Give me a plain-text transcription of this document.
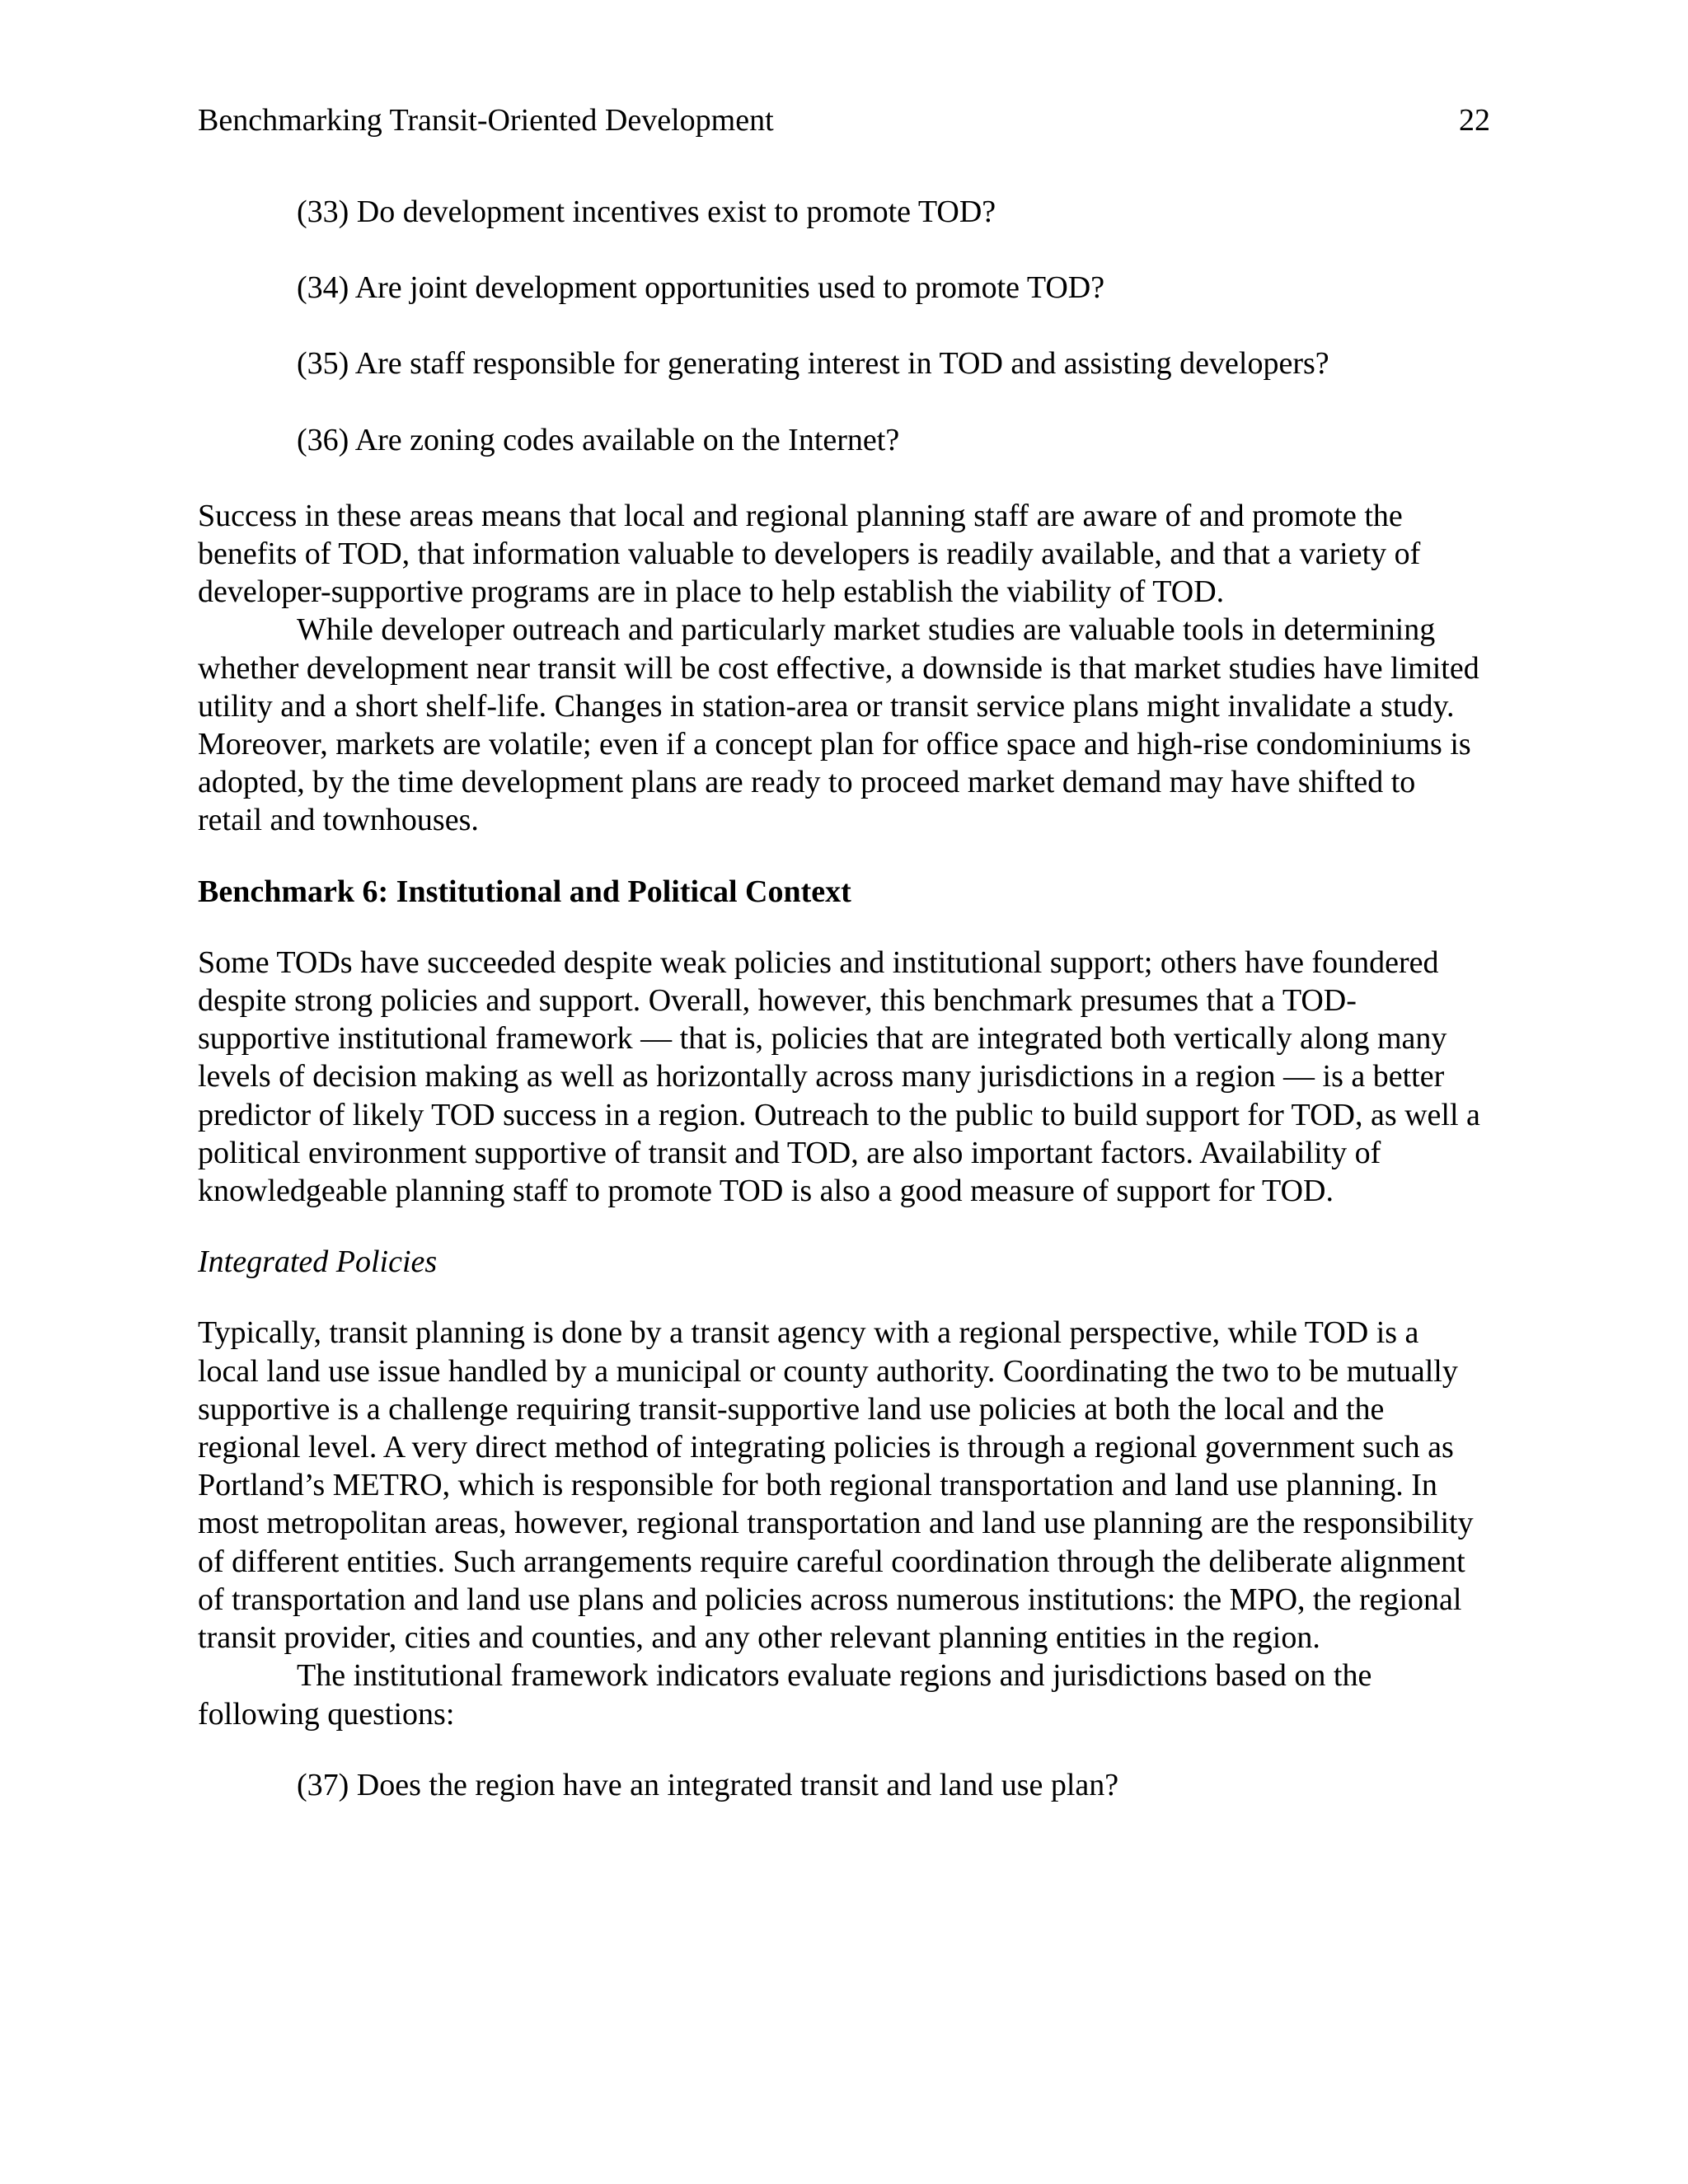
Benchmarking Transit-Oriented Development	22

(33) Do development incentives exist to promote TOD?

(34) Are joint development opportunities used to promote TOD?

(35) Are staff responsible for generating interest in TOD and assisting developers?

(36) Are zoning codes available on the Internet?

Success in these areas means that local and regional planning staff are aware of and promote the benefits of TOD, that information valuable to developers is readily available, and that a variety of developer-supportive programs are in place to help establish the viability of TOD.

While developer outreach and particularly market studies are valuable tools in determining whether development near transit will be cost effective, a downside is that market studies have limited utility and a short shelf-life. Changes in station-area or transit service plans might invalidate a study. Moreover, markets are volatile; even if a concept plan for office space and high-rise condominiums is adopted, by the time development plans are ready to proceed market demand may have shifted to retail and townhouses.

Benchmark 6: Institutional and Political Context

Some TODs have succeeded despite weak policies and institutional support; others have foundered despite strong policies and support. Overall, however, this benchmark presumes that a TOD-supportive institutional framework — that is, policies that are integrated both vertically along many levels of decision making as well as horizontally across many jurisdictions in a region — is a better predictor of likely TOD success in a region. Outreach to the public to build support for TOD, as well a political environment supportive of transit and TOD, are also important factors. Availability of knowledgeable planning staff to promote TOD is also a good measure of support for TOD.

Integrated Policies

Typically, transit planning is done by a transit agency with a regional perspective, while TOD is a local land use issue handled by a municipal or county authority. Coordinating the two to be mutually supportive is a challenge requiring transit-supportive land use policies at both the local and the regional level. A very direct method of integrating policies is through a regional government such as Portland’s METRO, which is responsible for both regional transportation and land use planning. In most metropolitan areas, however, regional transportation and land use planning are the responsibility of different entities. Such arrangements require careful coordination through the deliberate alignment of transportation and land use plans and policies across numerous institutions: the MPO, the regional transit provider, cities and counties, and any other relevant planning entities in the region.

The institutional framework indicators evaluate regions and jurisdictions based on the following questions:

(37) Does the region have an integrated transit and land use plan?
